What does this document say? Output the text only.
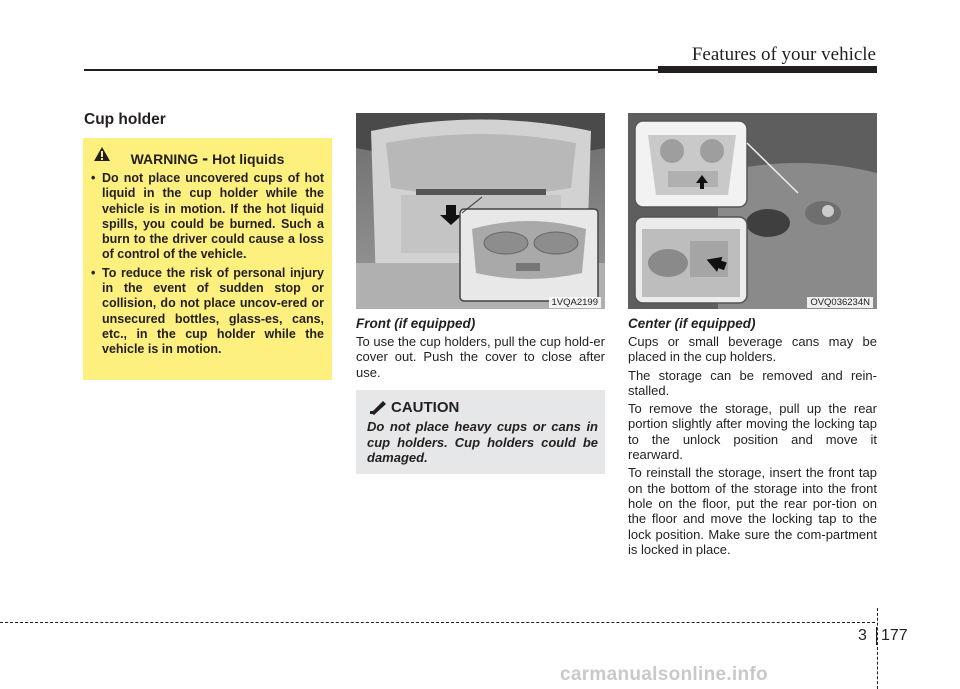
Features of your vehicle
Cup holder
WARNING - Hot liquids
• Do not place uncovered cups of hot liquid in the cup holder while the vehicle is in motion. If the hot liquid spills, you could be burned. Such a burn to the driver could cause a loss of control of the vehicle.
• To reduce the risk of personal injury in the event of sudden stop or collision, do not place uncov-ered or unsecured bottles, glass-es, cans, etc., in the cup holder while the vehicle is in motion.
1VQA2199	OVQ036234N
Front (if equipped)

To use the cup holders, pull the cup hold-er cover out. Push the cover to close after use.

CAUTION
Do not place heavy cups or cans in cup holders. Cup holders could be damaged.
Center (if equipped)

Cups or small beverage cans may be placed in the cup holders.

The storage can be removed and rein-stalled.

To remove the storage, pull up the rear portion slightly after moving the locking tap to the unlock position and move it rearward.

To reinstall the storage, insert the front tap on the bottom of the storage into the front hole on the floor, put the rear por-tion on the floor and move the locking tap to the lock position. Make sure the com-partment is locked in place.

3 177
carmanualsonline.info
